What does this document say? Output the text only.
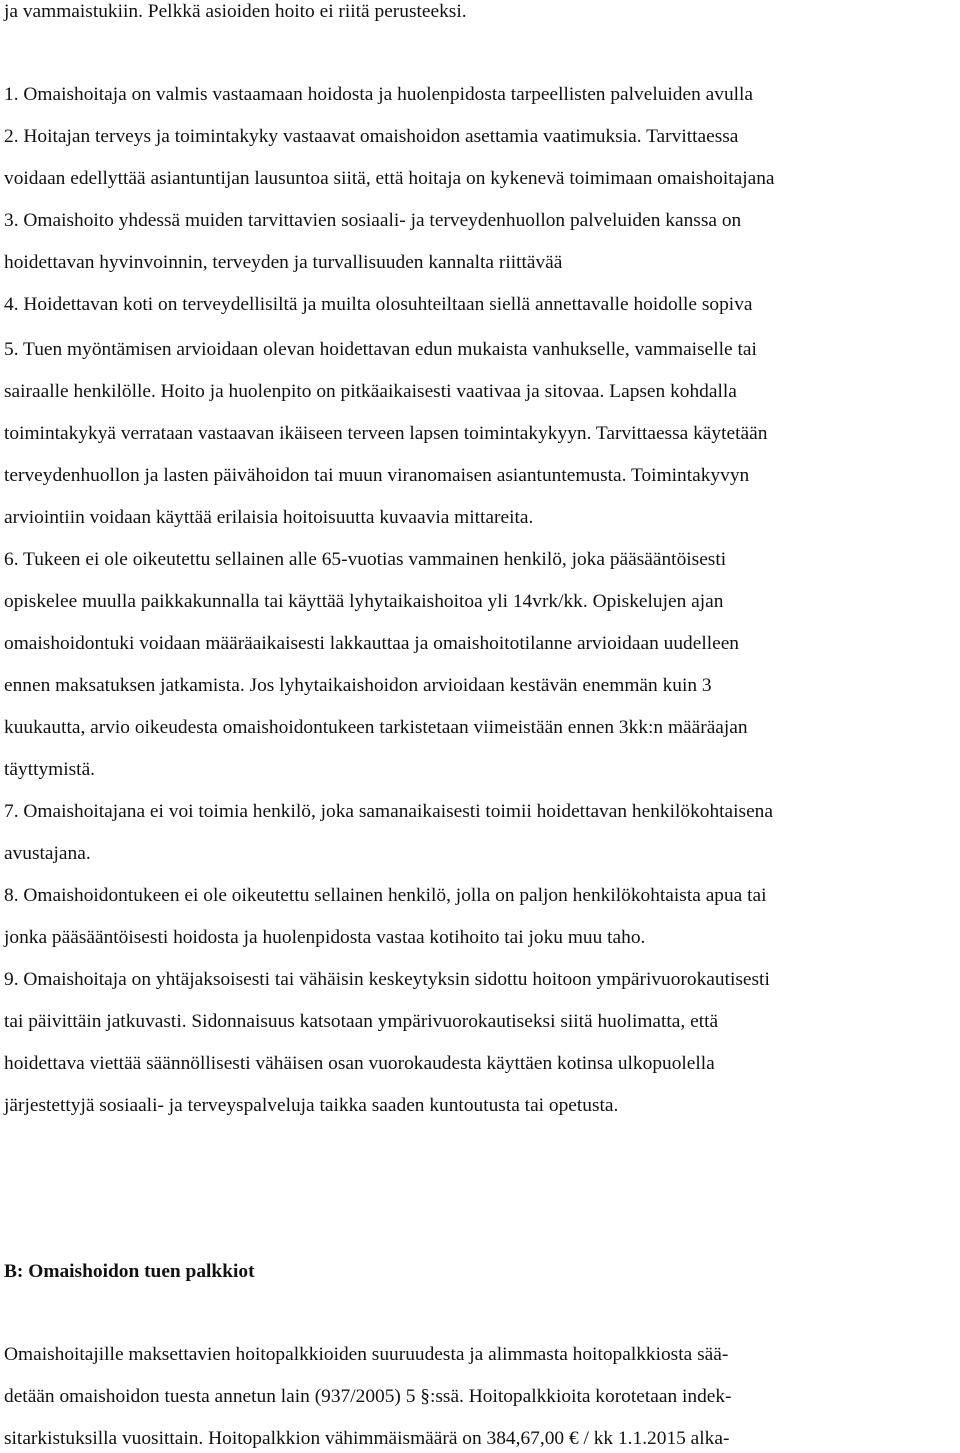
ja vammaistukiin. Pelkkä asioiden hoito ei riitä perusteeksi.

1. Omaishoitaja on valmis vastaamaan hoidosta ja huolenpidosta tarpeellisten palveluiden avulla

2. Hoitajan terveys ja toimintakyky vastaavat omaishoidon asettamia vaatimuksia. Tarvittaessa

voidaan edellyttää asiantuntijan lausuntoa siitä, että hoitaja on kykenevä toimimaan omaishoitajana

3. Omaishoito yhdessä muiden tarvittavien sosiaali- ja terveydenhuollon palveluiden kanssa on

hoidettavan hyvinvoinnin, terveyden ja turvallisuuden kannalta riittävää

4. Hoidettavan koti on terveydellisiltä ja muilta olosuhteiltaan siellä annettavalle hoidolle sopiva

5. Tuen myöntämisen arvioidaan olevan hoidettavan edun mukaista vanhukselle, vammaiselle tai

sairaalle henkilölle. Hoito ja huolenpito on pitkäaikaisesti vaativaa ja sitovaa. Lapsen kohdalla

toimintakykyä verrataan vastaavan ikäiseen terveen lapsen toimintakykyyn. Tarvittaessa käytetään

terveydenhuollon ja lasten päivähoidon tai muun viranomaisen asiantuntemusta. Toimintakyvyn

arviointiin voidaan käyttää erilaisia hoitoisuutta kuvaavia mittareita.

6. Tukeen ei ole oikeutettu sellainen alle 65-vuotias vammainen henkilö, joka pääsääntöisesti

opiskelee muulla paikkakunnalla tai käyttää lyhytaikaishoitoa yli 14vrk/kk. Opiskelujen ajan

omaishoidontuki voidaan määräaikaisesti lakkauttaa ja omaishoitotilanne arvioidaan uudelleen

ennen maksatuksen jatkamista. Jos lyhytaikaishoidon arvioidaan kestävän enemmän kuin 3

kuukautta, arvio oikeudesta omaishoidontukeen tarkistetaan viimeistään ennen 3kk:n määräajan

täyttymistä.

7. Omaishoitajana ei voi toimia henkilö, joka samanaikaisesti toimii hoidettavan henkilökohtaisena

avustajana.

8. Omaishoidontukeen ei ole oikeutettu sellainen henkilö, jolla on paljon henkilökohtaista apua tai

jonka pääsääntöisesti hoidosta ja huolenpidosta vastaa kotihoito tai joku muu taho.

9. Omaishoitaja on yhtäjaksoisesti tai vähäisin keskeytyksin sidottu hoitoon ympärivuorokautisesti

tai päivittäin jatkuvasti. Sidonnaisuus katsotaan ympärivuorokautiseksi siitä huolimatta, että

hoidettava viettää säännöllisesti vähäisen osan vuorokaudesta käyttäen kotinsa ulkopuolella

järjestettyjä sosiaali- ja terveyspalveluja taikka saaden kuntoutusta tai opetusta.

B: Omaishoidon tuen palkkiot

Omaishoitajille maksettavien hoitopalkkioiden suuruudesta ja alimmasta hoitopalkkiosta sää-

detään omaishoidon tuesta annetun lain (937/2005) 5 §:ssä. Hoitopalkkioita korotetaan indek-

sitarkistuksilla vuosittain. Hoitopalkkion vähimmäismäärä on 384,67,00 € / kk 1.1.2015 alka-
